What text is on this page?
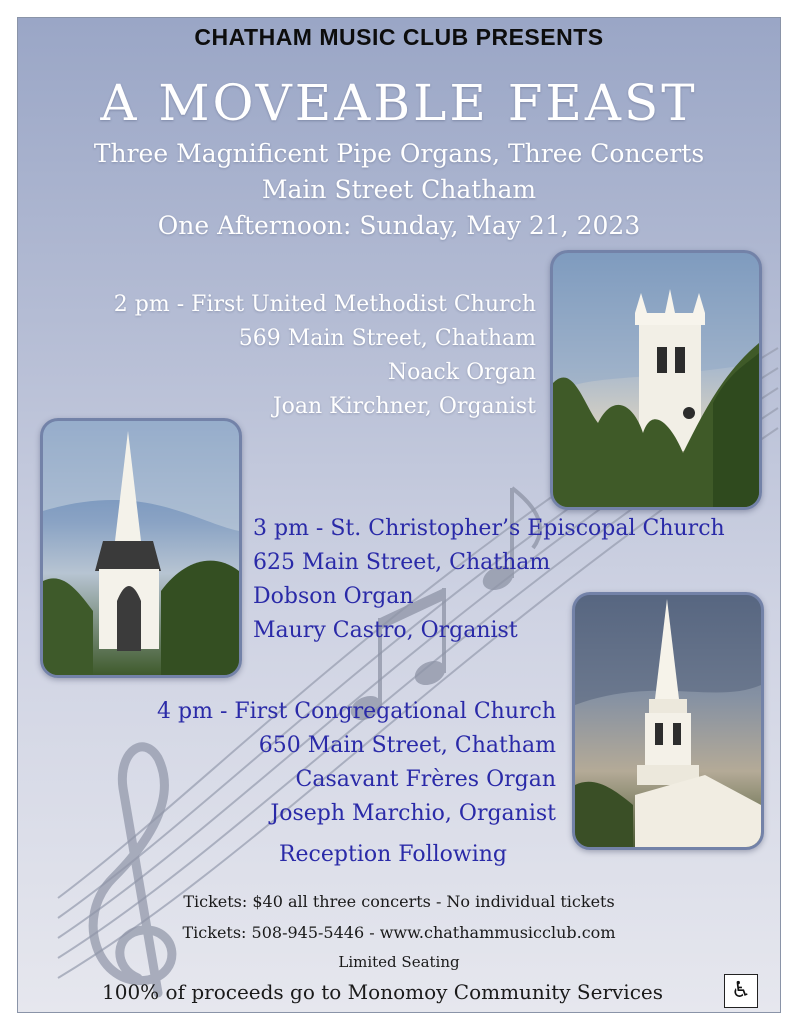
CHATHAM MUSIC CLUB PRESENTS
A MOVEABLE FEAST
Three Magnificent Pipe Organs, Three Concerts
Main Street Chatham
One Afternoon: Sunday, May 21, 2023
2 pm - First United Methodist Church
569 Main Street, Chatham
Noack Organ
Joan Kirchner, Organist
3 pm - St. Christopher’s Episcopal Church
625 Main Street, Chatham
Dobson Organ
Maury Castro, Organist
4 pm - First Congregational Church
650 Main Street, Chatham
Casavant Frères Organ
Joseph Marchio, Organist
Reception Following
Tickets: $40 all three concerts - No individual tickets
Tickets: 508-945-5446 - www.chathammusicclub.com
Limited Seating
100% of proceeds go to Monomoy Community Services	♿
